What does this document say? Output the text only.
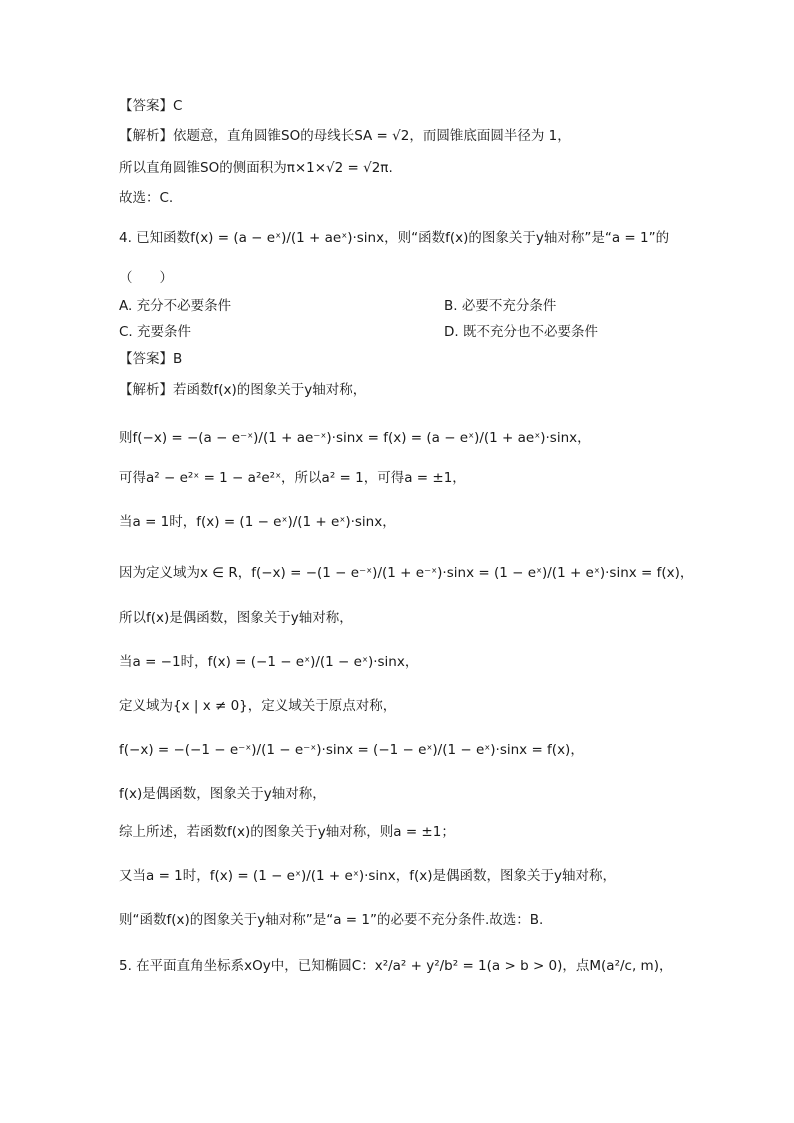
【答案】C
【解析】依题意，直角圆锥SO的母线长SA = √2，而圆锥底面圆半径为 1，
所以直角圆锥SO的侧面积为π×1×√2 = √2π.
故选：C.
4. 已知函数f(x) = (a − eˣ)/(1 + aeˣ)·sinx，则“函数f(x)的图象关于y轴对称”是“a = 1”的
（　　）
A. 充分不必要条件	B. 必要不充分条件
C. 充要条件	D. 既不充分也不必要条件
【答案】B
【解析】若函数f(x)的图象关于y轴对称，
则f(−x) = −(a − e⁻ˣ)/(1 + ae⁻ˣ)·sinx = f(x) = (a − eˣ)/(1 + aeˣ)·sinx，
可得a² − e²ˣ = 1 − a²e²ˣ，所以a² = 1，可得a = ±1，
当a = 1时，f(x) = (1 − eˣ)/(1 + eˣ)·sinx，
因为定义域为x ∈ R，f(−x) = −(1 − e⁻ˣ)/(1 + e⁻ˣ)·sinx = (1 − eˣ)/(1 + eˣ)·sinx = f(x)，
所以f(x)是偶函数，图象关于y轴对称，
当a = −1时，f(x) = (−1 − eˣ)/(1 − eˣ)·sinx，
定义域为{x | x ≠ 0}，定义域关于原点对称，
f(−x) = −(−1 − e⁻ˣ)/(1 − e⁻ˣ)·sinx = (−1 − eˣ)/(1 − eˣ)·sinx = f(x)，
f(x)是偶函数，图象关于y轴对称，
综上所述，若函数f(x)的图象关于y轴对称，则a = ±1；
又当a = 1时，f(x) = (1 − eˣ)/(1 + eˣ)·sinx，f(x)是偶函数，图象关于y轴对称，
则“函数f(x)的图象关于y轴对称”是“a = 1”的必要不充分条件.故选：B.
5. 在平面直角坐标系xOy中，已知椭圆C：x²/a² + y²/b² = 1(a > b > 0)，点M(a²/c, m)，
